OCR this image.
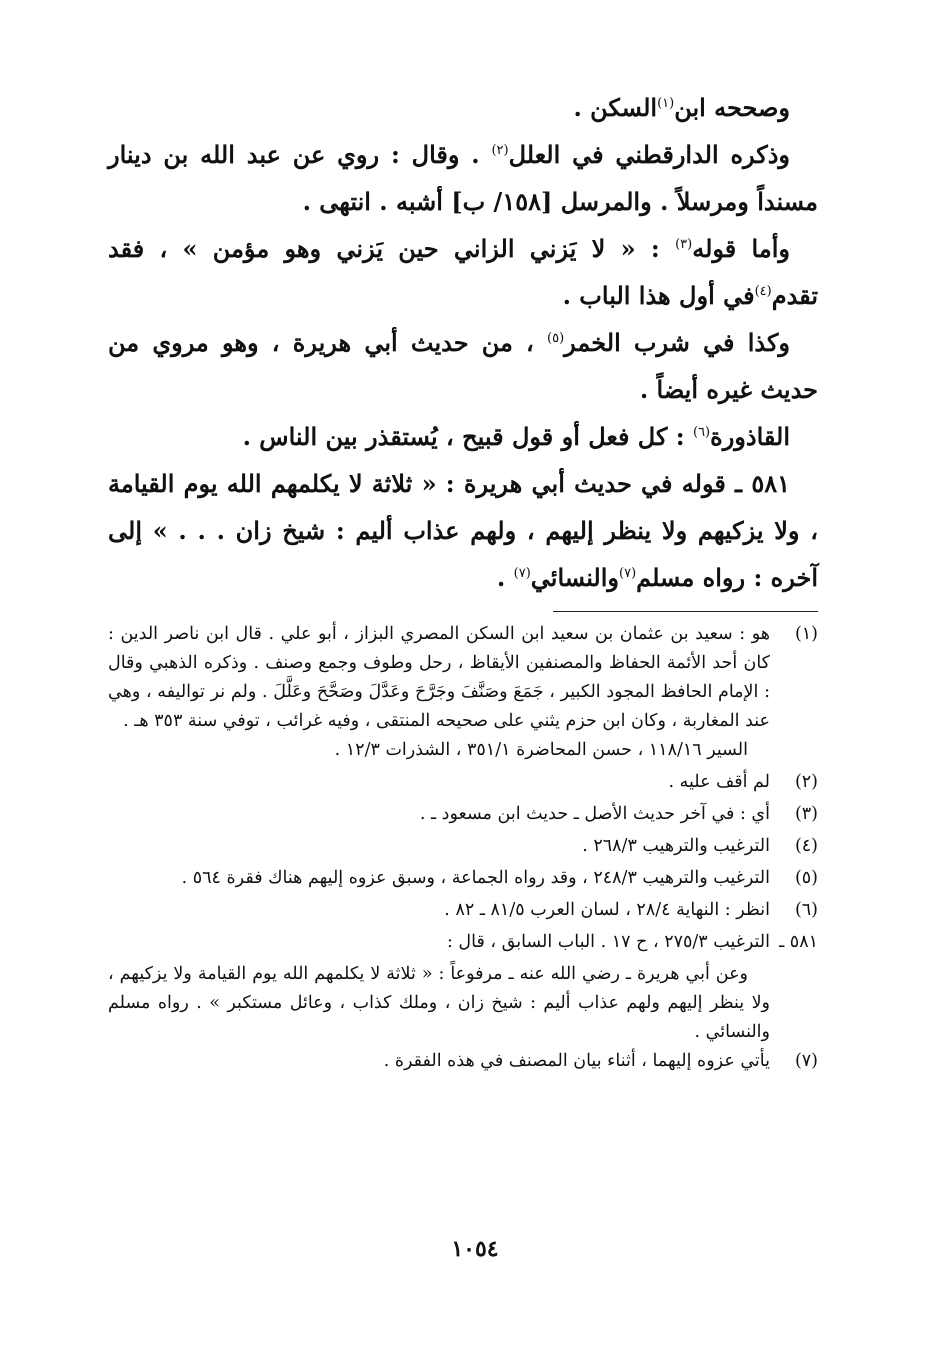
وصححه ابن$^{(١)}$السكن .

وذكره الدارقطني في العلل$^{(٢)}$ . وقال : روي عن عبد الله بن دينار مسنداً ومرسلاً . والمرسل [١٥٨/ ب] أشبه . انتهى .

وأما قوله$^{(٣)}$ : « لا يَزني الزاني حين يَزني وهو مؤمن » ، فقد تقدم$^{(٤)}$في أول هذا الباب .

وكذا في شرب الخمر$^{(٥)}$ ، من حديث أبي هريرة ، وهو مروي من حديث غيره أيضاً .

القاذورة$^{(٦)}$ : كل فعل أو قول قبيح ، يُستقذر بين الناس .

٥٨١ ـ قوله في حديث أبي هريرة : « ثلاثة لا يكلمهم الله يوم القيامة ، ولا يزكيهم ولا ينظر إليهم ، ولهم عذاب أليم : شيخ زان . . . » إلى آخره : رواه مسلم$^{(٧)}$والنسائي$^{(٧)}$ .

(١)

هو : سعيد بن عثمان بن سعيد ابن السكن المصري البزاز ، أبو علي . قال ابن ناصر الدين : كان أحد الأئمة الحفاظ والمصنفين الأيقاظ ، رحل وطوف وجمع وصنف . وذكره الذهبي وقال : الإمام الحافظ المجود الكبير ، جَمَعَ وصَنَّفَ وجَرَّحَ وعَدَّلَ وصَحَّحَ وعَلَّلَ . ولم نر تواليفه ، وهي عند المغاربة ، وكان ابن حزم يثني على صحيحه المنتقى ، وفيه غرائب ، توفي سنة ٣٥٣ هـ .

السير ١١٨/١٦ ، حسن المحاضرة ٣٥١/١ ، الشذرات ١٢/٣ .

(٢)

لم أقف عليه .

(٣)

أي : في آخر حديث الأصل ـ حديث ابن مسعود ـ .

(٤)

الترغيب والترهيب ٢٦٨/٣ .

(٥)

الترغيب والترهيب ٢٤٨/٣ ، وقد رواه الجماعة ، وسبق عزوه إليهم هناك فقرة ٥٦٤ .

(٦)

انظر : النهاية ٢٨/٤ ، لسان العرب ٨١/٥ ـ ٨٢ .

٥٨١ ـ

الترغيب ٢٧٥/٣ ، ح ١٧ . الباب السابق ، قال :

وعن أبي هريرة ـ رضي الله عنه ـ مرفوعاً : « ثلاثة لا يكلمهم الله يوم القيامة ولا يزكيهم ، ولا ينظر إليهم ولهم عذاب أليم : شيخ زان ، وملك كذاب ، وعائل مستكبر » . رواه مسلم والنسائي .

(٧)

يأتي عزوه إليهما ، أثناء بيان المصنف في هذه الفقرة .

١٠٥٤
